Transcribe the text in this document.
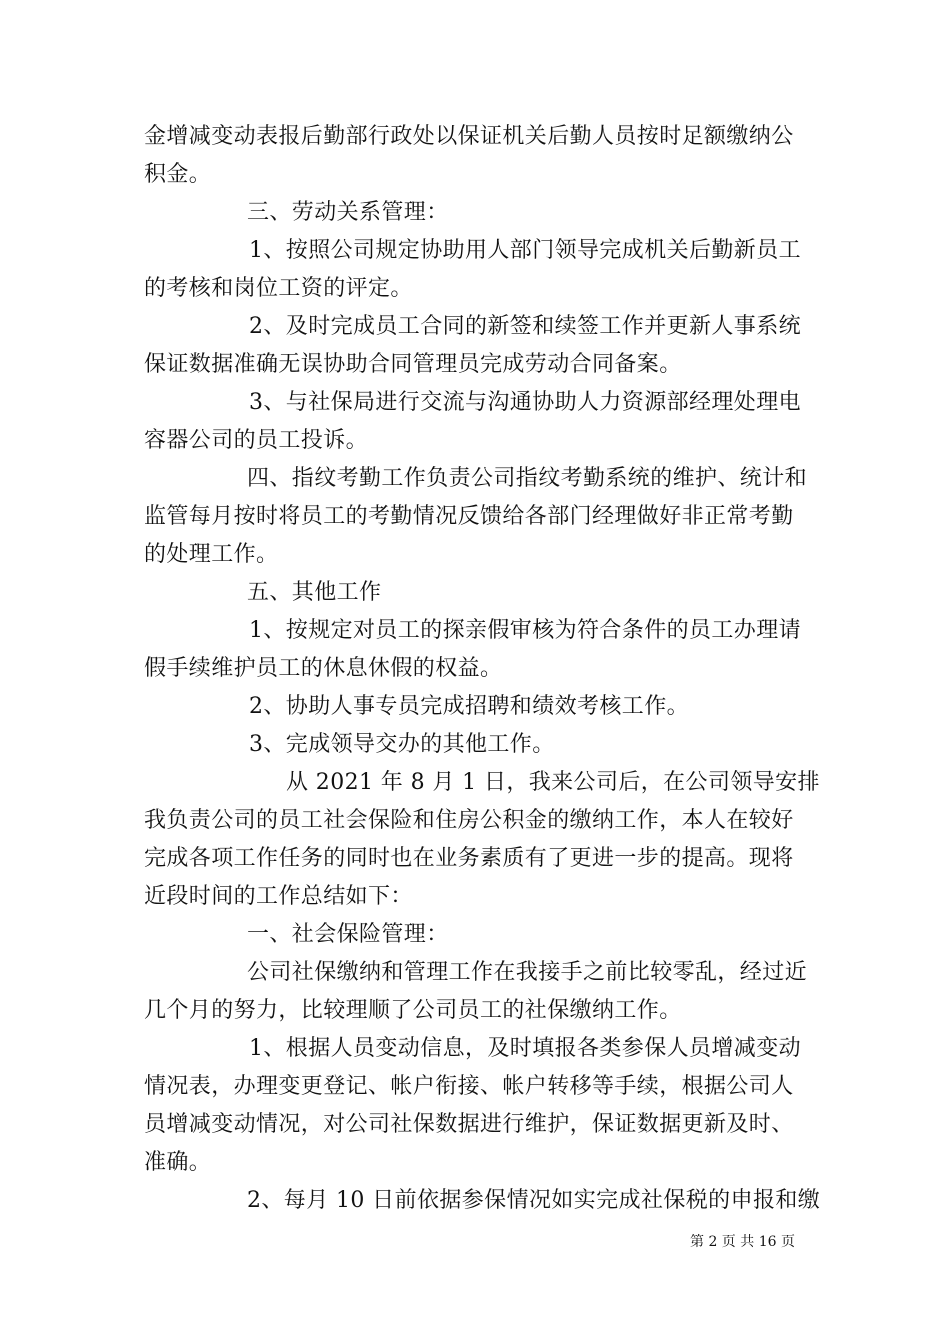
金增减变动表报后勤部行政处以保证机关后勤人员按时足额缴纳公
积金。
三、劳动关系管理：
1、按照公司规定协助用人部门领导完成机关后勤新员工
的考核和岗位工资的评定。
2、及时完成员工合同的新签和续签工作并更新人事系统
保证数据准确无误协助合同管理员完成劳动合同备案。
3、与社保局进行交流与沟通协助人力资源部经理处理电
容器公司的员工投诉。
四、指纹考勤工作负责公司指纹考勤系统的维护、统计和
监管每月按时将员工的考勤情况反馈给各部门经理做好非正常考勤
的处理工作。
五、其他工作
1、按规定对员工的探亲假审核为符合条件的员工办理请
假手续维护员工的休息休假的权益。
2、协助人事专员完成招聘和绩效考核工作。
3、完成领导交办的其他工作。
从 2021 年 8 月 1 日，我来公司后，在公司领导安排
我负责公司的员工社会保险和住房公积金的缴纳工作，本人在较好
完成各项工作任务的同时也在业务素质有了更进一步的提高。现将
近段时间的工作总结如下：
一、社会保险管理：
公司社保缴纳和管理工作在我接手之前比较零乱，经过近
几个月的努力，比较理顺了公司员工的社保缴纳工作。
1、根据人员变动信息，及时填报各类参保人员增减变动
情况表，办理变更登记、帐户衔接、帐户转移等手续，根据公司人
员增减变动情况，对公司社保数据进行维护，保证数据更新及时、
准确。
2、每月 10 日前依据参保情况如实完成社保税的申报和缴
第 2 页 共 16 页
